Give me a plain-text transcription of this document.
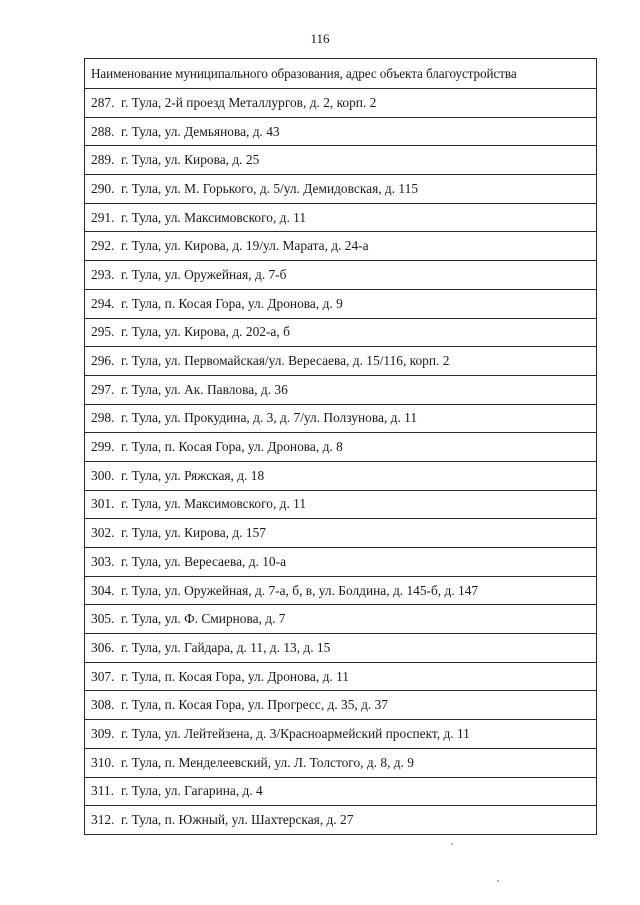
116
Наименование муниципального образования, адрес объекта благоустройства
287. г. Тула, 2-й проезд Металлургов, д. 2, корп. 2
288. г. Тула, ул. Демьянова, д. 43
289. г. Тула, ул. Кирова, д. 25
290. г. Тула, ул. М. Горького, д. 5/ул. Демидовская, д. 115
291. г. Тула, ул. Максимовского, д. 11
292. г. Тула, ул. Кирова, д. 19/ул. Марата, д. 24-а
293. г. Тула, ул. Оружейная, д. 7-б
294. г. Тула, п. Косая Гора, ул. Дронова, д. 9
295. г. Тула, ул. Кирова, д. 202-а, б
296. г. Тула, ул. Первомайская/ул. Вересаева, д. 15/116, корп. 2
297. г. Тула, ул. Ак. Павлова, д. 36
298. г. Тула, ул. Прокудина, д. 3, д. 7/ул. Ползунова, д. 11
299. г. Тула, п. Косая Гора, ул. Дронова, д. 8
300. г. Тула, ул. Ряжская, д. 18
301. г. Тула, ул. Максимовского, д. 11
302. г. Тула, ул. Кирова, д. 157
303. г. Тула, ул. Вересаева, д. 10-а
304. г. Тула, ул. Оружейная, д. 7-а, б, в, ул. Болдина, д. 145-б, д. 147
305. г. Тула, ул. Ф. Смирнова, д. 7
306. г. Тула, ул. Гайдара, д. 11, д. 13, д. 15
307. г. Тула, п. Косая Гора, ул. Дронова, д. 11
308. г. Тула, п. Косая Гора, ул. Прогресс, д. 35, д. 37
309. г. Тула, ул. Лейтейзена, д. 3/Красноармейский проспект, д. 11
310. г. Тула, п. Менделеевский, ул. Л. Толстого, д. 8, д. 9
311. г. Тула, ул. Гагарина, д. 4
312. г. Тула, п. Южный, ул. Шахтерская, д. 27
